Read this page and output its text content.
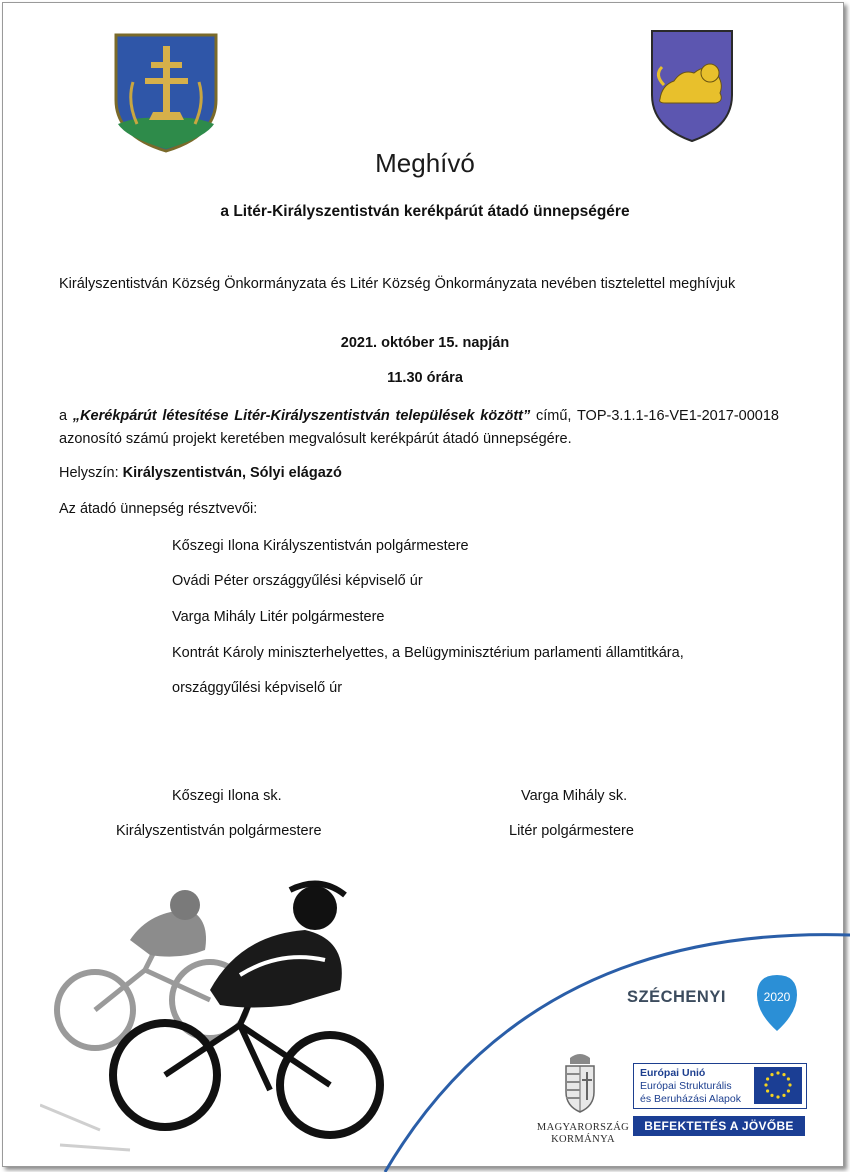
Meghívó
a Litér-Királyszentistván kerékpárút átadó ünnepségére
Királyszentistván Község Önkormányzata és Litér Község Önkormányzata nevében tisztelettel meghívjuk
2021. október 15. napján
11.30 órára
a „Kerékpárút létesítése Litér-Királyszentistván települések között” című, TOP-3.1.1-16-VE1-2017-00018 azonosító számú projekt keretében megvalósult kerékpárút átadó ünnepségére.
Helyszín: Királyszentistván, Sólyi elágazó
Az átadó ünnepség résztvevői:
Kőszegi Ilona Királyszentistván polgármestere
Ovádi Péter országgyűlési képviselő úr
Varga Mihály Litér polgármestere
Kontrát Károly miniszterhelyettes, a Belügyminisztérium parlamenti államtitkára,
országgyűlési képviselő úr
Kőszegi Ilona sk.
Királyszentistván polgármestere
Varga Mihály sk.
Litér polgármestere
SZÉCHENYI	2020
MAGYARORSZÁG
KORMÁNYA
Európai Unió
Európai Strukturális
és Beruházási Alapok
BEFEKTETÉS A JÖVŐBE
